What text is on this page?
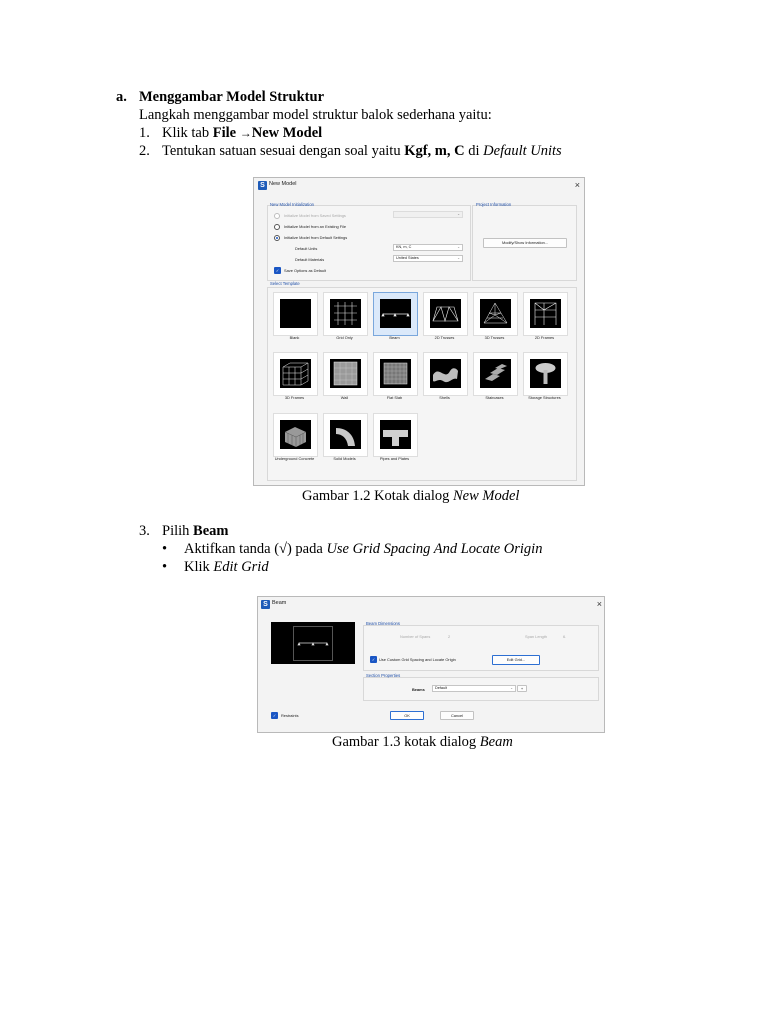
a. Menggambar Model Struktur
Langkah menggambar model struktur balok sederhana yaitu:
1. Klik tab File →New Model
2. Tentukan satuan sesuai dengan soal yaitu Kgf, m, C di Default Units
S New Model	×
New Model Initialization
Initialize Model from Saved Settings	⌄
Initialize Model from an Existing File
Initialize Model from Default Settings
Default Units	KN, m, C	⌄
Default Materials	United States	⌄
✓	Save Options as Default
Project Information
Modify/Show Information...
Select Template
Blank	Grid Only	Beam	2D Trusses	3D Trusses	2D Frames
3D Frames	Wall	Flat Slab	Shells	Staircases	Storage Structures
Underground Concrete	Solid Models	Pipes and Plates
Gambar 1.2 Kotak dialog New Model
3. Pilih Beam
• Aktifkan tanda (√) pada Use Grid Spacing And Locate Origin
• Klik Edit Grid
S Beam	×
Beam Dimensions
Number of Spans	2	Span Length	6.
✓ Use Custom Grid Spacing and Locate Origin	Edit Grid...
Section Properties
Beams	Default	⌄	+
✓	Restraints	OK	Cancel
Gambar 1.3 kotak dialog Beam
